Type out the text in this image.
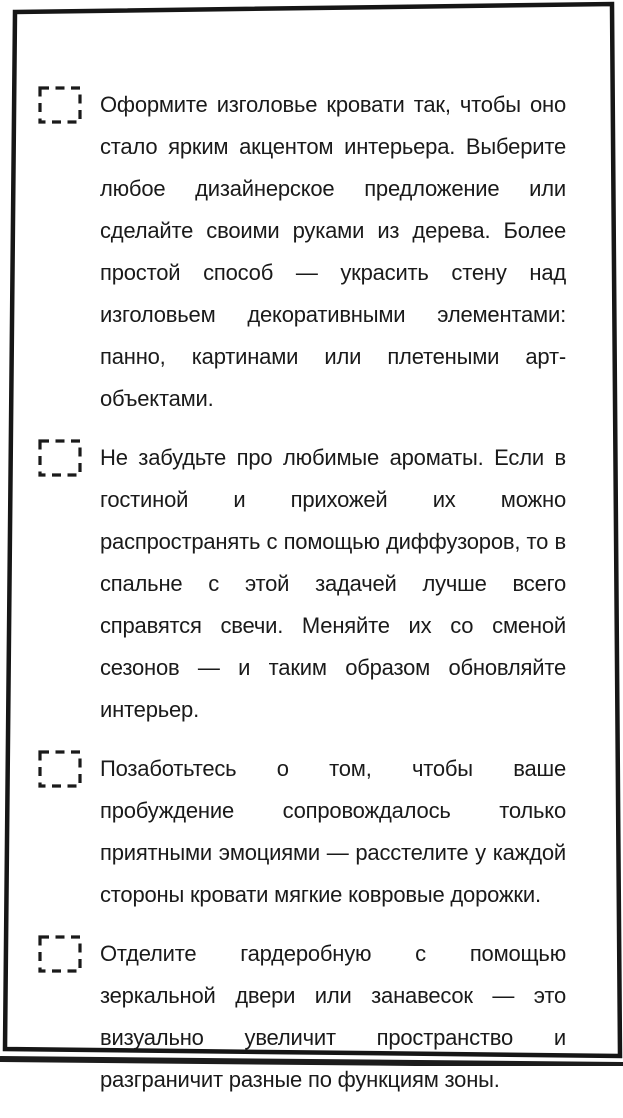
Оформите изголовье кровати так, чтобы оно стало ярким акцентом интерьера. Выберите любое дизайнерское предложение или сделайте своими руками из дерева. Более простой способ — украсить стену над изголовьем декоративными элементами: панно, картинами или плетеными арт-объектами.

Не забудьте про любимые ароматы. Если в гостиной и прихожей их можно распространять с помощью диффузоров, то в спальне с этой задачей лучше всего справятся свечи. Меняйте их со сменой сезонов — и таким образом обновляйте интерьер.

Позаботьтесь о том, чтобы ваше пробуждение сопровождалось только приятными эмоциями — расстелите у каждой стороны кровати мягкие ковровые дорожки.

Отделите гардеробную с помощью зеркальной двери или занавесок — это визуально увеличит пространство и разграничит разные по функциям зоны.
